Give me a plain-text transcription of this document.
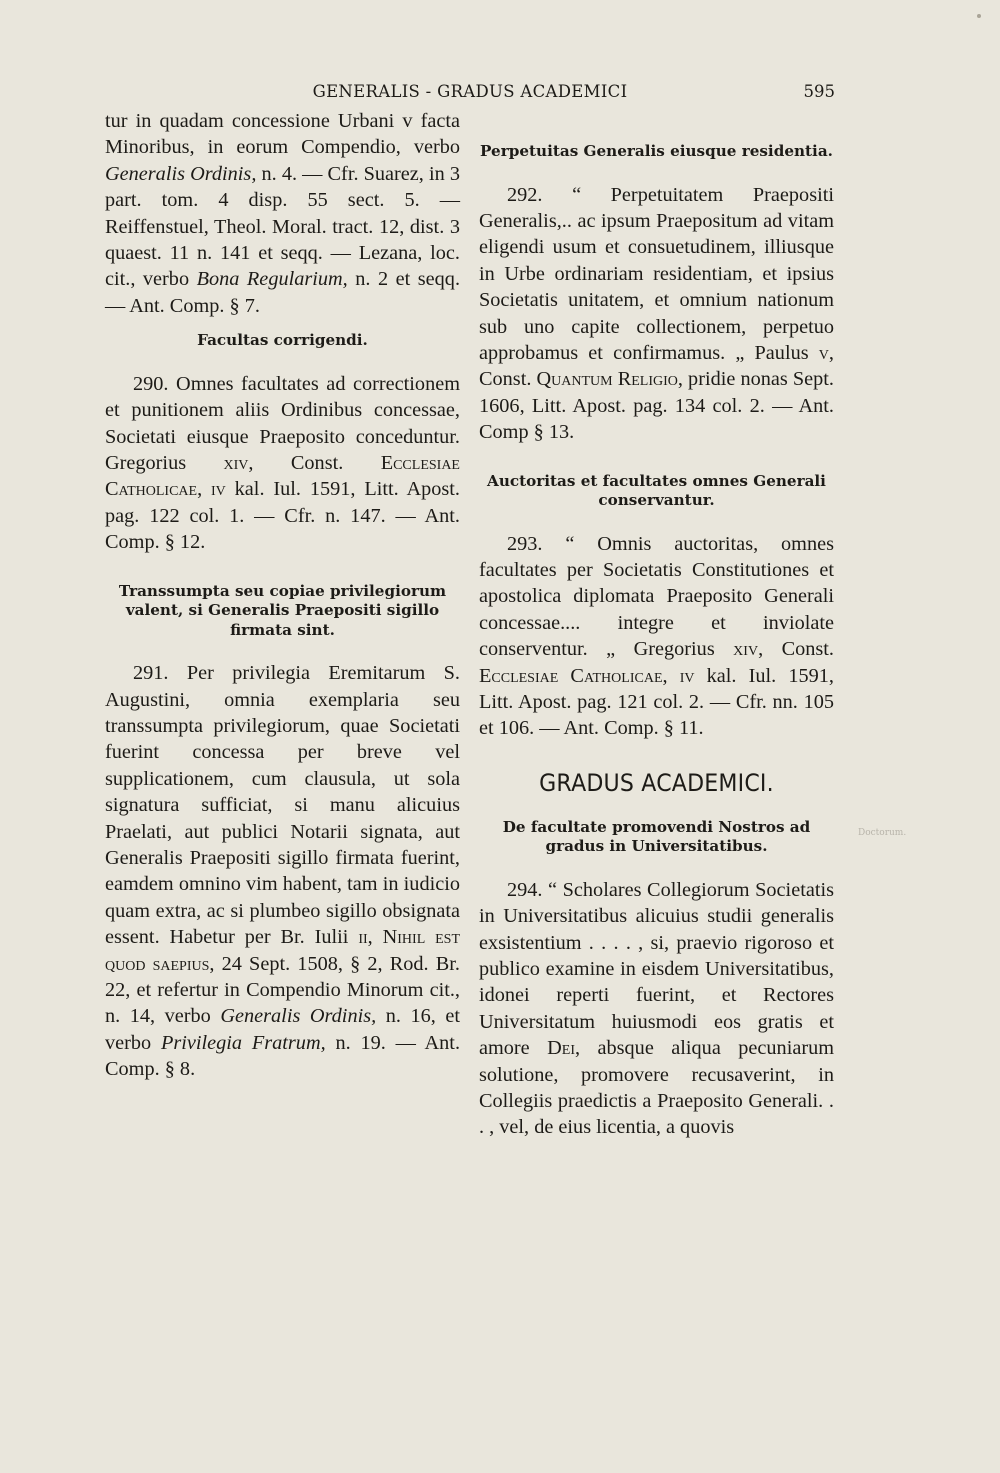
GENERALIS - GRADUS ACADEMICI	595

tur in quadam concessione Urbani v facta Minoribus, in eorum Compendio, verbo Generalis Ordinis, n. 4. — Cfr. Suarez, in 3 part. tom. 4 disp. 55 sect. 5. — Reiffenstuel, Theol. Moral. tract. 12, dist. 3 quaest. 11 n. 141 et seqq. — Lezana, loc. cit., verbo Bona Regularium, n. 2 et seqq. — Ant. Comp. § 7.

Facultas corrigendi.

290. Omnes facultates ad correctionem et punitionem aliis Ordinibus concessae, Societati eiusque Praeposito conceduntur. Gregorius xiv, Const. Ecclesiae Catholicae, iv kal. Iul. 1591, Litt. Apost. pag. 122 col. 1. — Cfr. n. 147. — Ant. Comp. § 12.

Transsumpta seu copiae privilegiorum valent, si Generalis Praepositi sigillo firmata sint.

291. Per privilegia Eremitarum S. Augustini, omnia exemplaria seu transsumpta privilegiorum, quae Societati fuerint concessa per breve vel supplicationem, cum clausula, ut sola signatura sufficiat, si manu alicuius Praelati, aut publici Notarii signata, aut Generalis Praepositi sigillo firmata fuerint, eamdem omnino vim habent, tam in iudicio quam extra, ac si plumbeo sigillo obsignata essent. Habetur per Br. Iulii ii, Nihil est quod saepius, 24 Sept. 1508, § 2, Rod. Br. 22, et refertur in Compendio Minorum cit., n. 14, verbo Generalis Ordinis, n. 16, et verbo Privilegia Fratrum, n. 19. — Ant. Comp. § 8.

Perpetuitas Generalis eiusque residentia.

292. “ Perpetuitatem Praepositi Generalis,.. ac ipsum Praepositum ad vitam eligendi usum et consuetudinem, illiusque in Urbe ordinariam residentiam, et ipsius Societatis unitatem, et omnium nationum sub uno capite collectionem, perpetuo approbamus et confirmamus. „ Paulus v, Const. Quantum Religio, pridie nonas Sept. 1606, Litt. Apost. pag. 134 col. 2. — Ant. Comp § 13.

Auctoritas et facultates omnes Generali conservantur.

293. “ Omnis auctoritas, omnes facultates per Societatis Constitutiones et apostolica diplomata Praeposito Generali concessae.... integre et inviolate conserventur. „ Gregorius xiv, Const. Ecclesiae Catholicae, iv kal. Iul. 1591, Litt. Apost. pag. 121 col. 2. — Cfr. nn. 105 et 106. — Ant. Comp. § 11.

GRADUS ACADEMICI.

De facultate promovendi Nostros ad gradus in Universitatibus.

294. “ Scholares Collegiorum Societatis in Universitatibus alicuius studii generalis exsistentium . . . . , si, praevio rigoroso et publico examine in eisdem Universitatibus, idonei reperti fuerint, et Rectores Universitatum huiusmodi eos gratis et amore Dei, absque aliqua pecuniarum solutione, promovere recusaverint, in Collegiis praedictis a Praeposito Generali. . . , vel, de eius licentia, a quovis

Doctorum.
